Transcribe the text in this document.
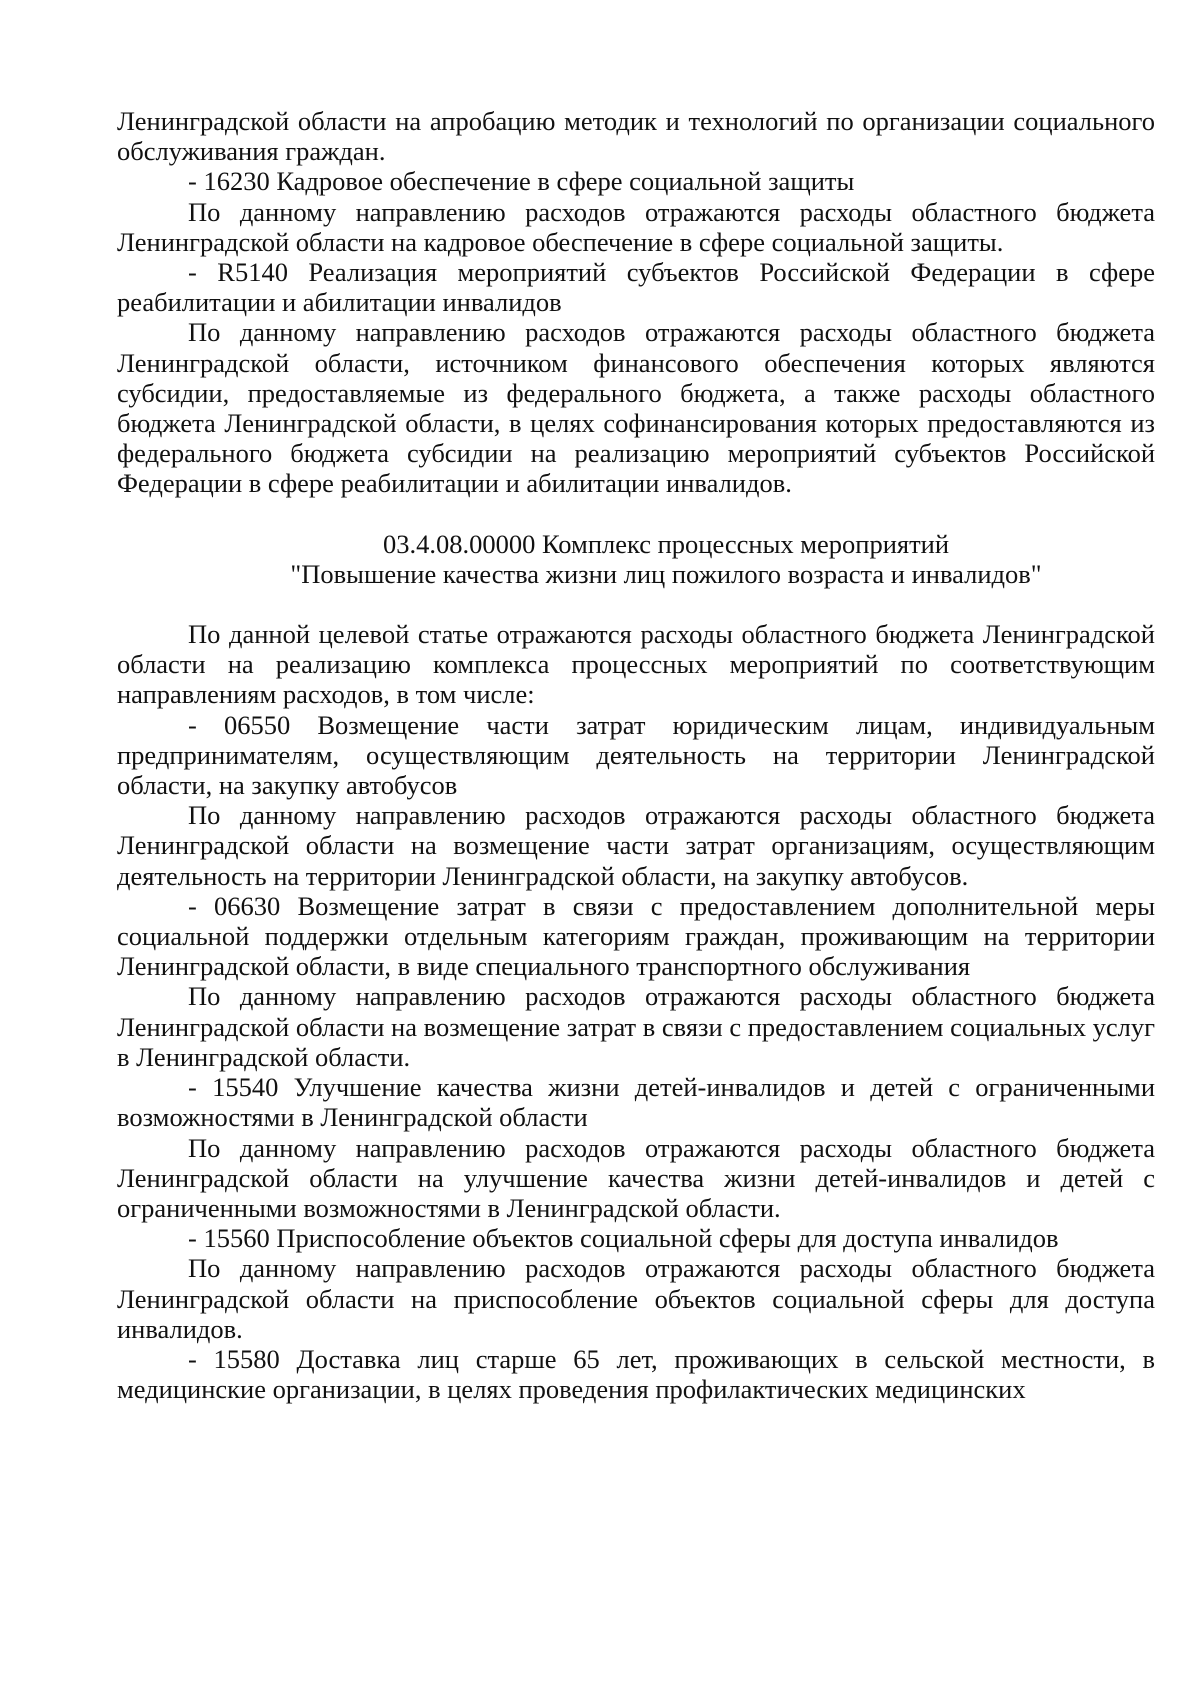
Ленинградской области на апробацию методик и технологий по организации социального обслуживания граждан.

- 16230 Кадровое обеспечение в сфере социальной защиты

По данному направлению расходов отражаются расходы областного бюджета Ленинградской области на кадровое обеспечение в сфере социальной защиты.

- R5140 Реализация мероприятий субъектов Российской Федерации в сфере реабилитации и абилитации инвалидов

По данному направлению расходов отражаются расходы областного бюджета Ленинградской области, источником финансового обеспечения которых являются субсидии, предоставляемые из федерального бюджета, а также расходы областного бюджета Ленинградской области, в целях софинансирования которых предоставляются из федерального бюджета субсидии на реализацию мероприятий субъектов Российской Федерации в сфере реабилитации и абилитации инвалидов.

03.4.08.00000 Комплекс процессных мероприятий

"Повышение качества жизни лиц пожилого возраста и инвалидов"

По данной целевой статье отражаются расходы областного бюджета Ленинградской области на реализацию комплекса процессных мероприятий по соответствующим направлениям расходов, в том числе:

- 06550 Возмещение части затрат юридическим лицам, индивидуальным предпринимателям, осуществляющим деятельность на территории Ленинградской области, на закупку автобусов

По данному направлению расходов отражаются расходы областного бюджета Ленинградской области на возмещение части затрат организациям, осуществляющим деятельность на территории Ленинградской области, на закупку автобусов.

- 06630 Возмещение затрат в связи с предоставлением дополнительной меры социальной поддержки отдельным категориям граждан, проживающим на территории Ленинградской области, в виде специального транспортного обслуживания

По данному направлению расходов отражаются расходы областного бюджета Ленинградской области на возмещение затрат в связи с предоставлением социальных услуг в Ленинградской области.

- 15540 Улучшение качества жизни детей-инвалидов и детей с ограниченными возможностями в Ленинградской области

По данному направлению расходов отражаются расходы областного бюджета Ленинградской области на улучшение качества жизни детей-инвалидов и детей с ограниченными возможностями в Ленинградской области.

- 15560 Приспособление объектов социальной сферы для доступа инвалидов

По данному направлению расходов отражаются расходы областного бюджета Ленинградской области на приспособление объектов социальной сферы для доступа инвалидов.

- 15580 Доставка лиц старше 65 лет, проживающих в сельской местности, в медицинские организации, в целях проведения профилактических медицинских
